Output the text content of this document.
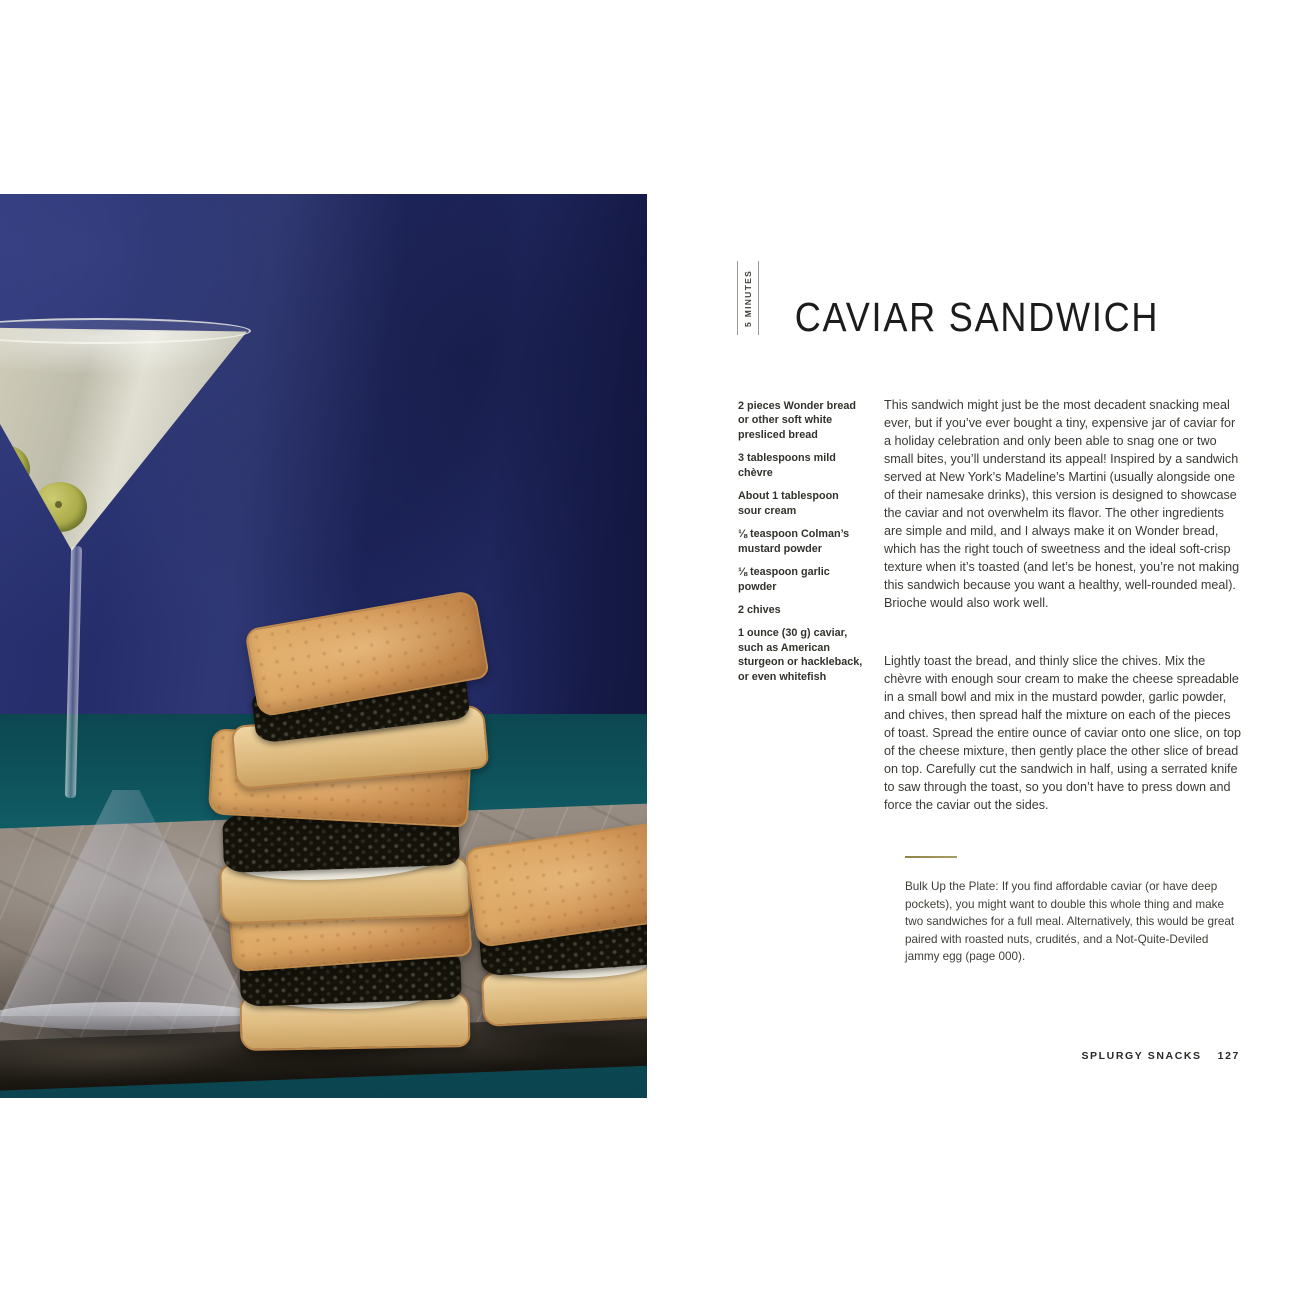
5 MINUTES	CAVIAR SANDWICH

2 pieces Wonder bread or other soft white presliced bread

3 tablespoons mild chèvre

About 1 tablespoon sour cream

⅛ teaspoon Colman’s mustard powder

⅛ teaspoon garlic powder

2 chives

1 ounce (30 g) caviar, such as American sturgeon or hackleback, or even whitefish

This sandwich might just be the most decadent snacking meal ever, but if you’ve ever bought a tiny, expensive jar of caviar for a holiday celebration and only been able to snag one or two small bites, you’ll understand its appeal! Inspired by a sandwich served at New York’s Madeline’s Martini (usually alongside one of their namesake drinks), this version is designed to showcase the caviar and not overwhelm its flavor. The other ingredients are simple and mild, and I always make it on Wonder bread, which has the right touch of sweetness and the ideal soft-crisp texture when it’s toasted (and let’s be honest, you’re not making this sandwich because you want a healthy, well-rounded meal). Brioche would also work well.

Lightly toast the bread, and thinly slice the chives. Mix the chèvre with enough sour cream to make the cheese spreadable in a small bowl and mix in the mustard powder, garlic powder, and chives, then spread half the mixture on each of the pieces of toast. Spread the entire ounce of caviar onto one slice, on top of the cheese mixture, then gently place the other slice of bread on top. Carefully cut the sandwich in half, using a serrated knife to saw through the toast, so you don’t have to press down and force the caviar out the sides.

Bulk Up the Plate: If you find affordable caviar (or have deep pockets), you might want to double this whole thing and make two sandwiches for a full meal. Alternatively, this would be great paired with roasted nuts, crudités, and a Not-Quite-Deviled jammy egg (page 000).

SPLURGY SNACKS 127
